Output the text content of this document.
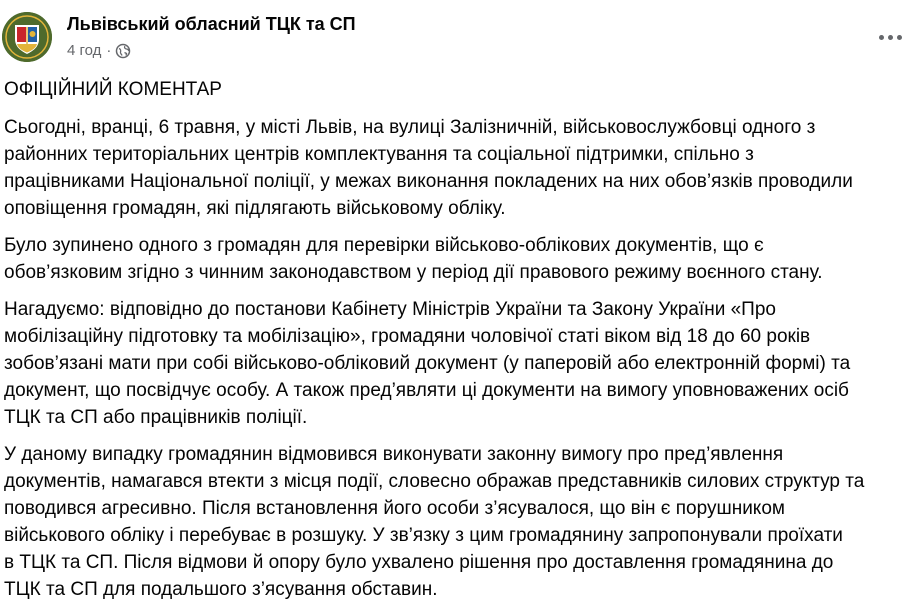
Львівський обласний ТЦК та СП
4 год ·

ОФІЦІЙНИЙ КОМЕНТАР

Сьогодні, вранці, 6 травня, у місті Львів, на вулиці Залізничній, військовослужбовці одного з

районних територіальних центрів комплектування та соціальної підтримки, спільно з

працівниками Національної поліції, у межах виконання покладених на них обов’язків проводили

оповіщення громадян, які підлягають військовому обліку.

Було зупинено одного з громадян для перевірки військово-облікових документів, що є

обов’язковим згідно з чинним законодавством у період дії правового режиму воєнного стану.

Нагадуємо: відповідно до постанови Кабінету Міністрів України та Закону України «Про

мобілізаційну підготовку та мобілізацію», громадяни чоловічої статі віком від 18 до 60 років

зобов’язані мати при собі військово-обліковий документ (у паперовій або електронній формі) та

документ, що посвідчує особу. А також пред’являти ці документи на вимогу уповноважених осіб

ТЦК та СП або працівників поліції.

У даному випадку громадянин відмовився виконувати законну вимогу про пред’явлення

документів, намагався втекти з місця події, словесно ображав представників силових структур та

поводився агресивно. Після встановлення його особи з’ясувалося, що він є порушником

військового обліку і перебуває в розшуку. У зв’язку з цим громадянину запропонували проїхати

в ТЦК та СП. Після відмови й опору було ухвалено рішення про доставлення громадянина до

ТЦК та СП для подальшого з’ясування обставин.
